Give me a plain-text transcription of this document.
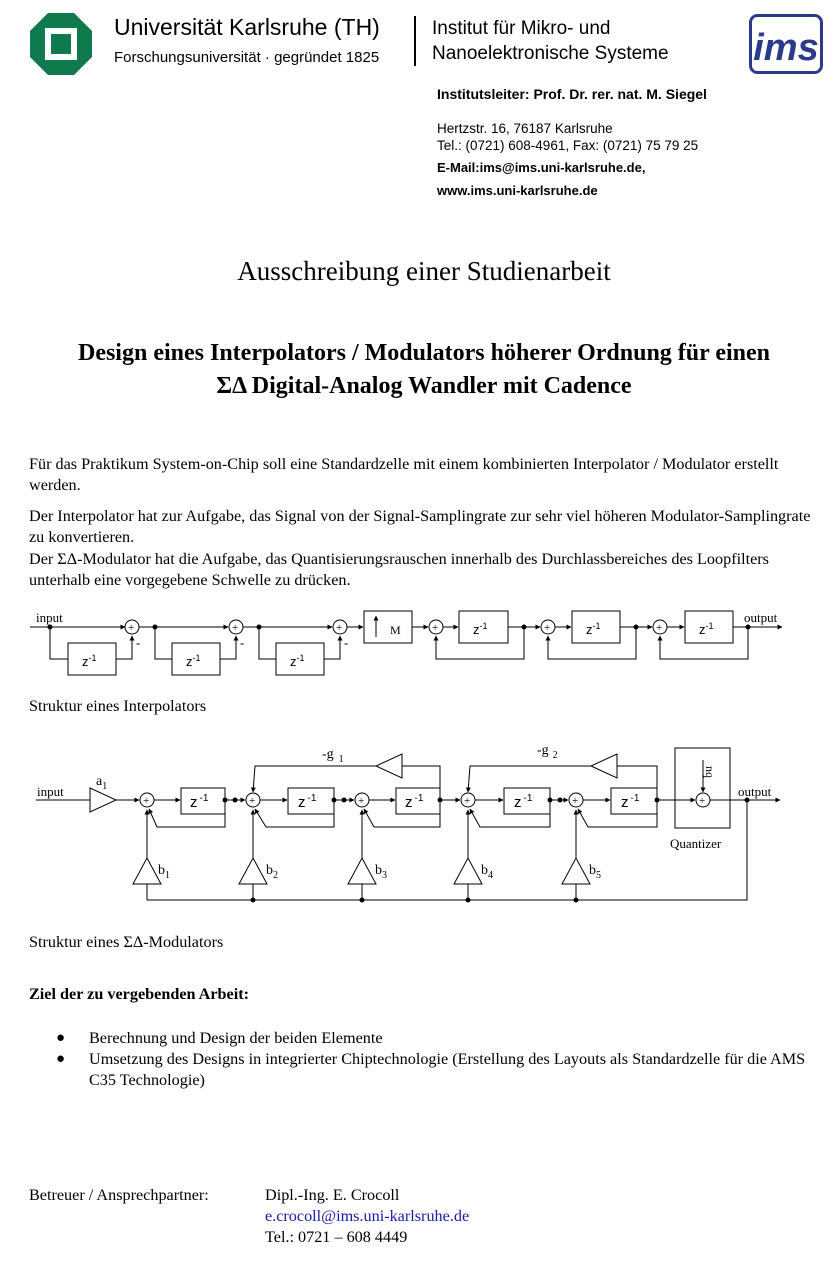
Universität Karlsruhe (TH)
Forschungsuniversität · gegründet 1825
Institut für Mikro- und
Nanoelektronische Systeme ims
Institutsleiter: Prof. Dr. rer. nat. M. Siegel
Hertzstr. 16, 76187 Karlsruhe
Tel.: (0721) 608-4961, Fax: (0721) 75 79 25
E-Mail:ims@ims.uni-karlsruhe.de,
www.ims.uni-karlsruhe.de
Ausschreibung einer Studienarbeit
Design eines Interpolators / Modulators höherer Ordnung für einen
ΣΔ Digital-Analog Wandler mit Cadence
Für das Praktikum System-on-Chip soll eine Standardzelle mit einem kombinierten Interpolator / Modulator erstellt werden.
Der Interpolator hat zur Aufgabe, das Signal von der Signal-Samplingrate zur sehr viel höheren Modulator-Samplingrate zu konvertieren.
Der ΣΔ-Modulator hat die Aufgabe, das Quantisierungsrauschen innerhalb des Durchlassbereiches des Loopfilters unterhalb eine vorgegebene Schwelle zu drücken.
input	output
M
+	+	+	+	+	+
-	-	-
$z^{-1}$	$z^{-1}$	$z^{-1}$
$z^{-1}$	$z^{-1}$	$z^{-1}$
Struktur eines Interpolators
input	output
$a_1$
-g $_1$
-g $_2$
Quantizer
nq
+	+	+	+	+	+
z $^{-1}$	z $^{-1}$	z $^{-1}$	z $^{-1}$	z $^{-1}$
$b_1$	$b_2$	$b_3$	$b_4$	$b_5$
Struktur eines ΣΔ-Modulators
Ziel der zu vergebenden Arbeit:
● Berechnung und Design der beiden Elemente
● Umsetzung des Designs in integrierter Chiptechnologie (Erstellung des Layouts als Standardzelle für die AMS C35 Technologie)
Betreuer / Ansprechpartner:	Dipl.-Ing. E. Crocoll
e.crocoll@ims.uni-karlsruhe.de
Tel.: 0721 – 608 4449
